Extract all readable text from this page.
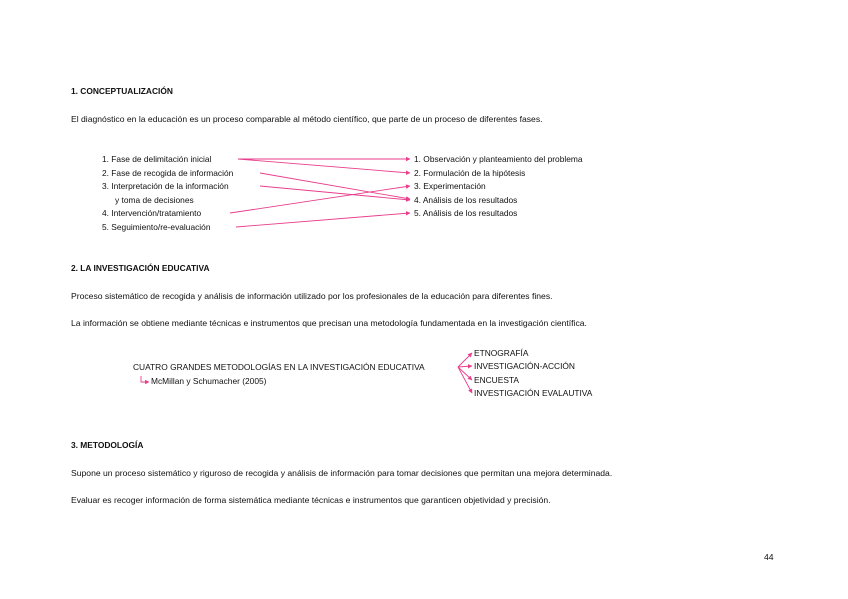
1. CONCEPTUALIZACIÓN
El diagnóstico en la educación es un proceso comparable al método científico, que parte de un proceso de diferentes fases.
1. Fase de delimitación inicial
2. Fase de recogida de información
3. Interpretación de la información
y toma de decisiones
4. Intervención/tratamiento
5. Seguimiento/re-evaluación
1. Observación y planteamiento del problema
2. Formulación de la hipótesis
3. Experimentación
4. Análisis de los resultados
5. Análisis de los resultados
2. LA INVESTIGACIÓN EDUCATIVA
Proceso sistemático de recogida y análisis de información utilizado por los profesionales de la educación para diferentes fines.
La información se obtiene mediante técnicas e instrumentos que precisan una metodología fundamentada en la investigación científica.
CUATRO GRANDES METODOLOGÍAS EN LA INVESTIGACIÓN EDUCATIVA
McMillan y Schumacher (2005)
ETNOGRAFÍA
INVESTIGACIÓN-ACCIÓN
ENCUESTA
INVESTIGACIÓN EVALAUTIVA
3. METODOLOGÍA
Supone un proceso sistemático y riguroso de recogida y análisis de información para tomar decisiones que permitan una mejora determinada.
Evaluar es recoger información de forma sistemática mediante técnicas e instrumentos que garanticen objetividad y precisión.
44
